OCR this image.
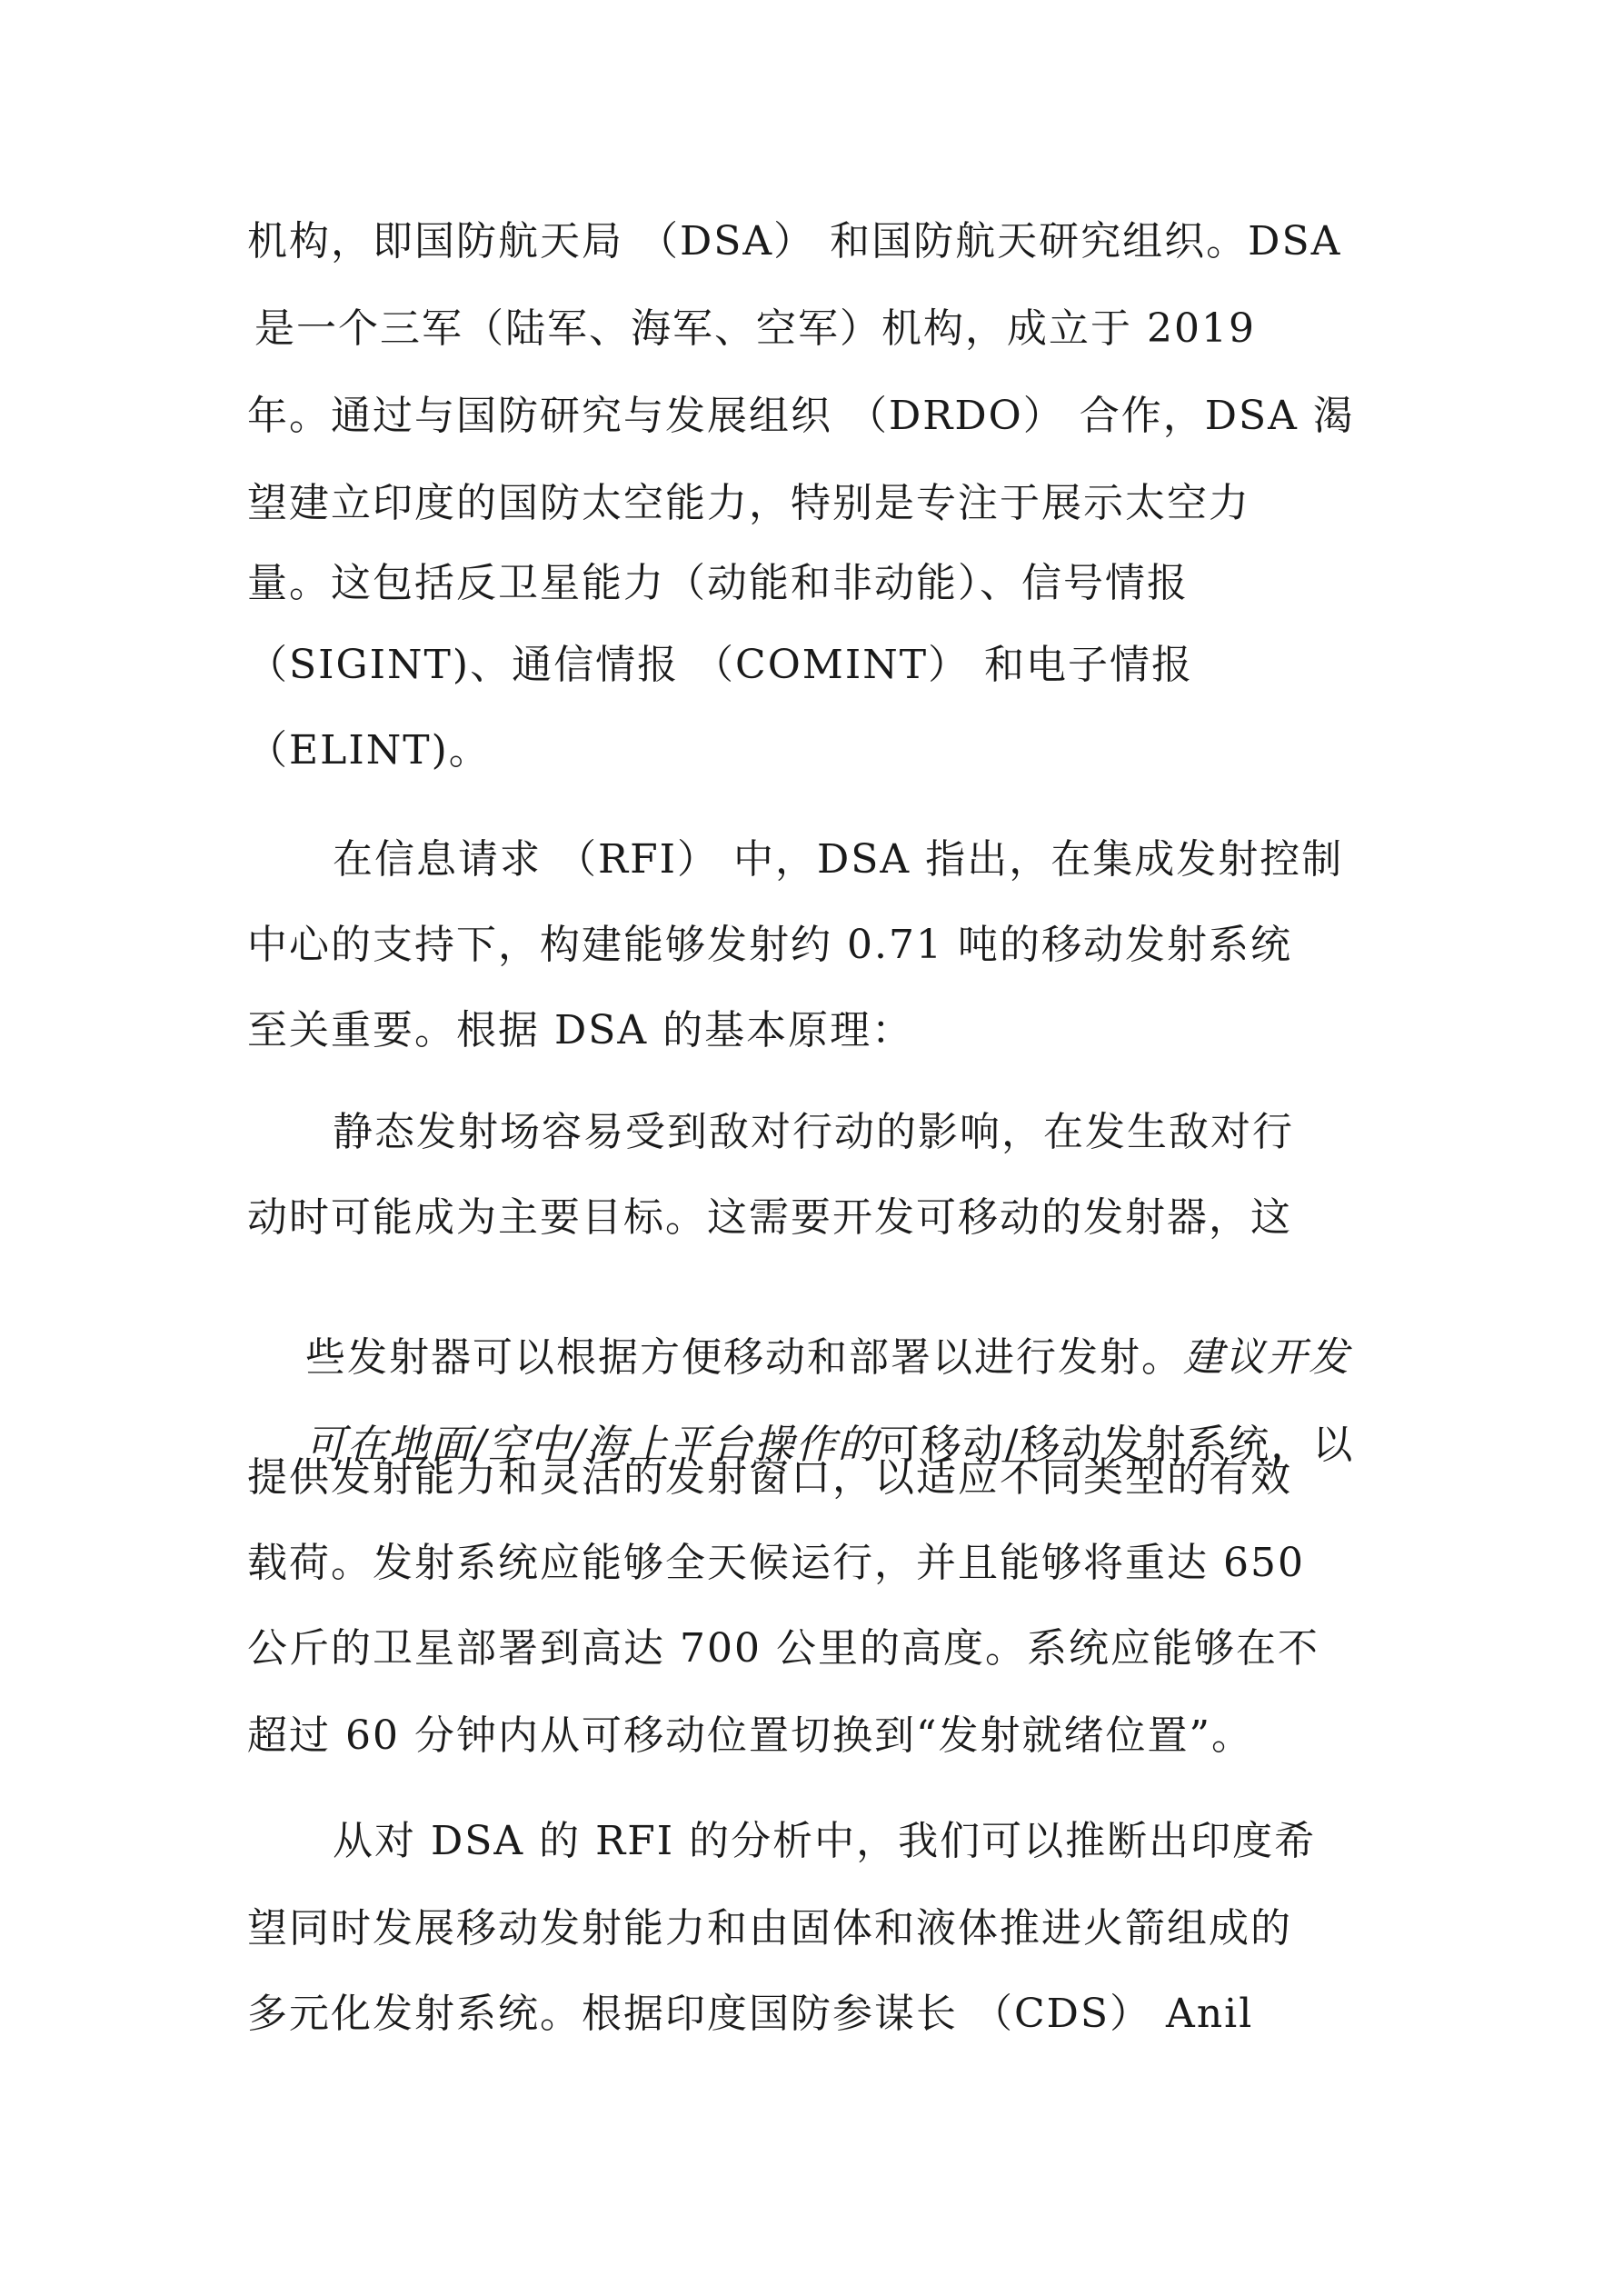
机构，即国防航天局 （DSA） 和国防航天研究组织。DSA
是一个三军（陆军、海军、空军）机构，成立于 2019
年。通过与国防研究与发展组织 （DRDO） 合作，DSA 渴
望建立印度的国防太空能力，特别是专注于展示太空力
量。这包括反卫星能力（动能和非动能）、信号情报
（SIGINT)、通信情报 （COMINT） 和电子情报
（ELINT)。
在信息请求 （RFI） 中，DSA 指出，在集成发射控制
中心的支持下，构建能够发射约 0.71 吨的移动发射系统
至关重要。根据 DSA 的基本原理：
静态发射场容易受到敌对行动的影响，在发生敌对行
动时可能成为主要目标。这需要开发可移动的发射器，这

些发射器可以根据方便移动和部署以进行发射。建议开发

可在地面/空中/海上平台操作的可移动/移动发射系统，以

提供发射能力和灵活的发射窗口，以适应不同类型的有效
载荷。发射系统应能够全天候运行，并且能够将重达 650
公斤的卫星部署到高达 700 公里的高度。系统应能够在不
超过 60 分钟内从可移动位置切换到“发射就绪位置”。
从对 DSA 的 RFI 的分析中，我们可以推断出印度希
望同时发展移动发射能力和由固体和液体推进火箭组成的
多元化发射系统。根据印度国防参谋长 （CDS） Anil
